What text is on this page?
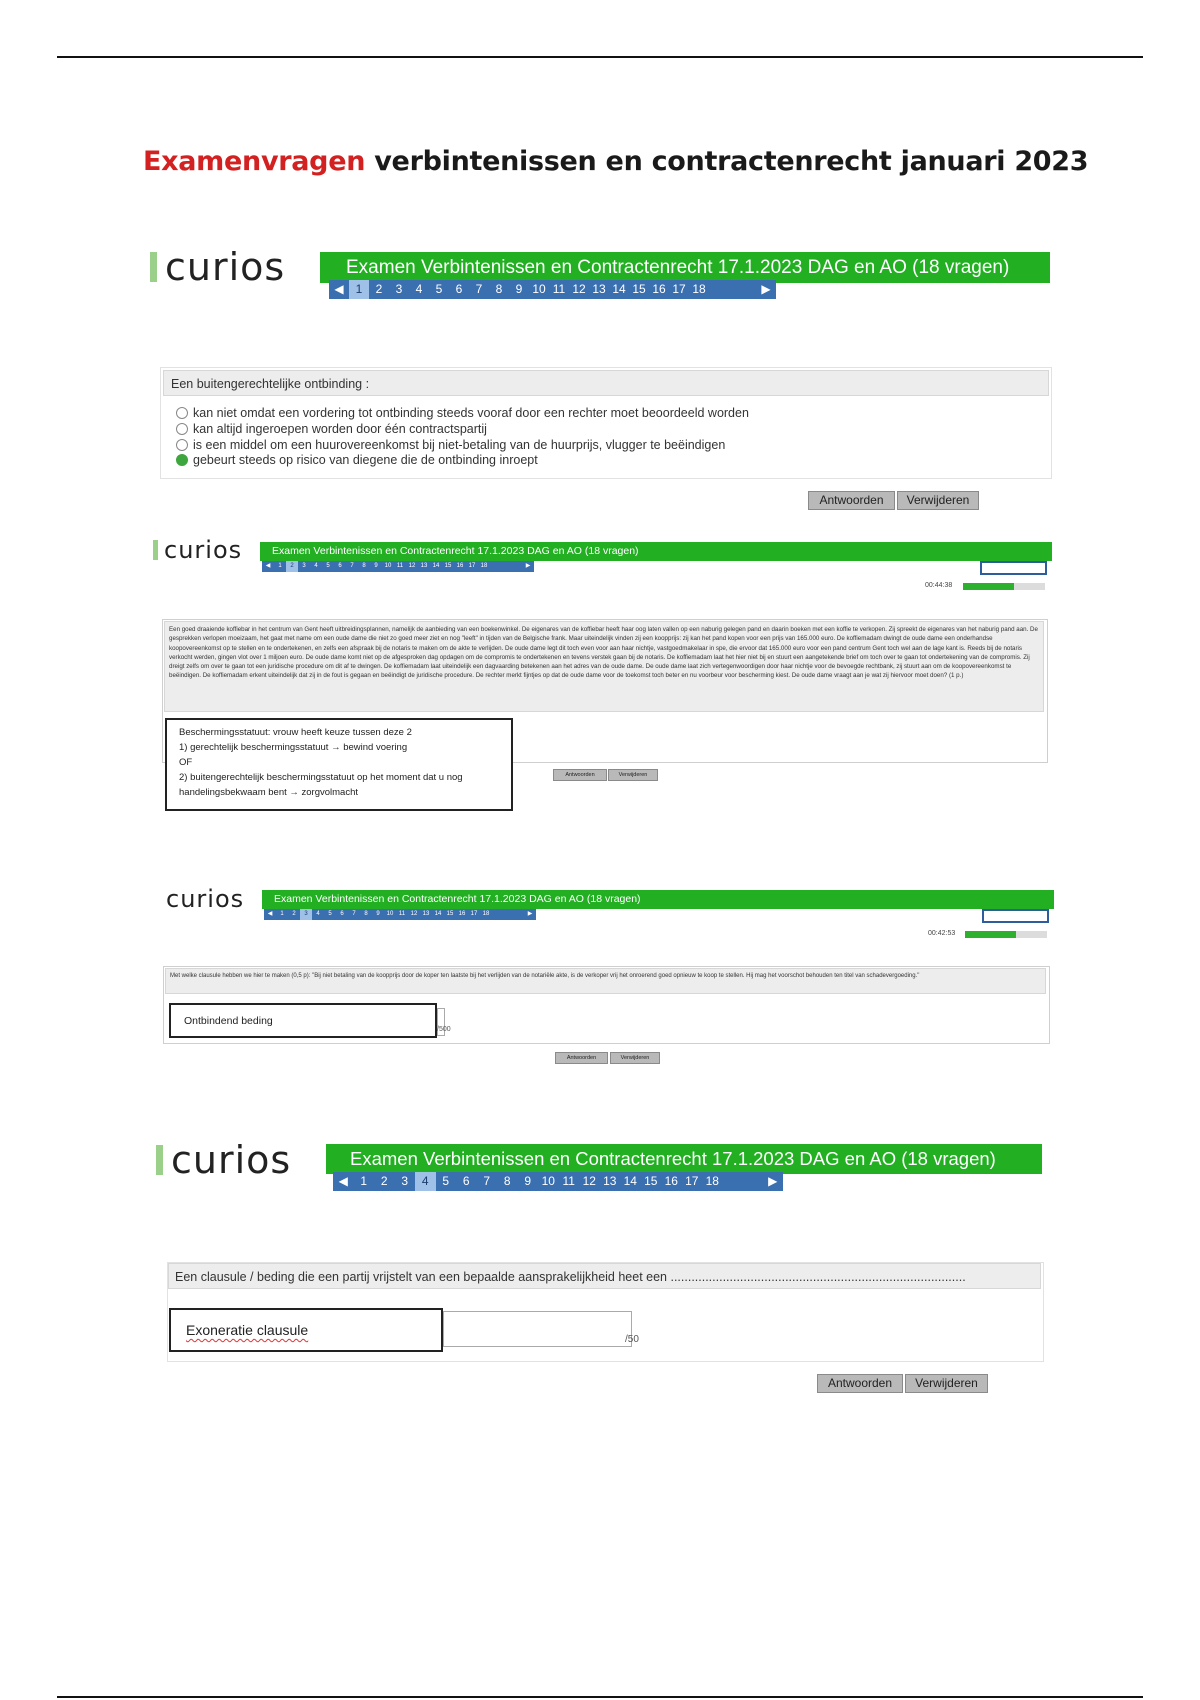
Examenvragen verbintenissen en contractenrecht januari 2023
curios	Examen Verbintenissen en Contractenrecht 17.1.2023 DAG en AO (18 vragen)
◀	1	2	3	4	5	6	7	8	9 10 11 12 13 14 15 16 17 18	▶
Een buitengerechtelijke ontbinding :
kan niet omdat een vordering tot ontbinding steeds vooraf door een rechter moet beoordeeld worden
kan altijd ingeroepen worden door één contractspartij
is een middel om een huurovereenkomst bij niet-betaling van de huurprijs, vlugger te beëindigen
gebeurt steeds op risico van diegene die de ontbinding inroept
Antwoorden	Verwijderen
curios	Examen Verbintenissen en Contractenrecht 17.1.2023 DAG en AO (18 vragen)
◀	1	2	3	4	5	6	7	8	9	10 11 12 13 14 15 16 17 18	▶
00:44:38
Een goed draaiende koffiebar in het centrum van Gent heeft uitbreidingsplannen, namelijk de aanbieding van een boekenwinkel. De eigenares van de koffiebar heeft haar oog laten vallen op een naburig gelegen pand en daarin boeken met een koffie te verkopen. Zij spreekt de eigenares van het naburig pand aan. De gesprekken verlopen moeizaam, het gaat met name om een oude dame die niet zo goed meer ziet en nog "leeft" in tijden van de Belgische frank. Maar uiteindelijk vinden zij een koopprijs: zij kan het pand kopen voor een prijs van 165.000 euro. De koffiemadam dwingt de oude dame een onderhandse koopovereenkomst op te stellen en te ondertekenen, en zelfs een afspraak bij de notaris te maken om de akte te verlijden. De oude dame legt dit toch even voor aan haar nichtje, vastgoedmakelaar in spe, die ervoor dat 165.000 euro voor een pand centrum Gent toch wel aan de lage kant is. Reeds bij de notaris verkocht werden, gingen vlot over 1 miljoen euro. De oude dame komt niet op de afgesproken dag opdagen om de compromis te ondertekenen en tevens verstek gaan bij de notaris. De koffiemadam laat het hier niet bij en stuurt een aangetekende brief om toch over te gaan tot ondertekening van de compromis. Zij dreigt zelfs om over te gaan tot een juridische procedure om dit af te dwingen. De koffiemadam laat uiteindelijk een dagvaarding betekenen aan het adres van de oude dame. De oude dame laat zich vertegenwoordigen door haar nichtje voor de bevoegde rechtbank, zij stuurt aan om de koopovereenkomst te beëindigen. De koffiemadam erkent uiteindelijk dat zij in de fout is gegaan en beëindigt de juridische procedure. De rechter merkt fijntjes op dat de oude dame voor de toekomst toch beter en nu voorbeur voor bescherming kiest. De oude dame vraagt aan je wat zij hiervoor moet doen? (1 p.)
Beschermingsstatuut: vrouw heeft keuze tussen deze 2
1) gerechtelijk beschermingsstatuut → bewind voering
OF
2) buitengerechtelijk beschermingsstatuut op het moment dat u nog
handelingsbekwaam bent → zorgvolmacht
Antwoorden	Verwijderen
curios	Examen Verbintenissen en Contractenrecht 17.1.2023 DAG en AO (18 vragen)
◀	1	2	3	4	5	6	7	8	9	10 11 12 13 14 15 16 17 18	▶
00:42:53
Met welke clausule hebben we hier te maken (0,5 p): "Bij niet betaling van de koopprijs door de koper ten laatste bij het verlijden van de notariële akte, is de verkoper vrij het onroerend goed opnieuw te koop te stellen. Hij mag het voorschot behouden ten titel van schadevergoeding."
Ontbindend beding
/500
Antwoorden	Verwijderen
curios	Examen Verbintenissen en Contractenrecht 17.1.2023 DAG en AO (18 vragen)
◀	1	2	3	4	5	6	7	8	9 10 11 12 13 14 15 16 17 18	▶
Een clausule / beding die een partij vrijstelt van een bepaalde aansprakelijkheid heet een .....................................................................................
Exoneratie clausule
/50
Antwoorden	Verwijderen
